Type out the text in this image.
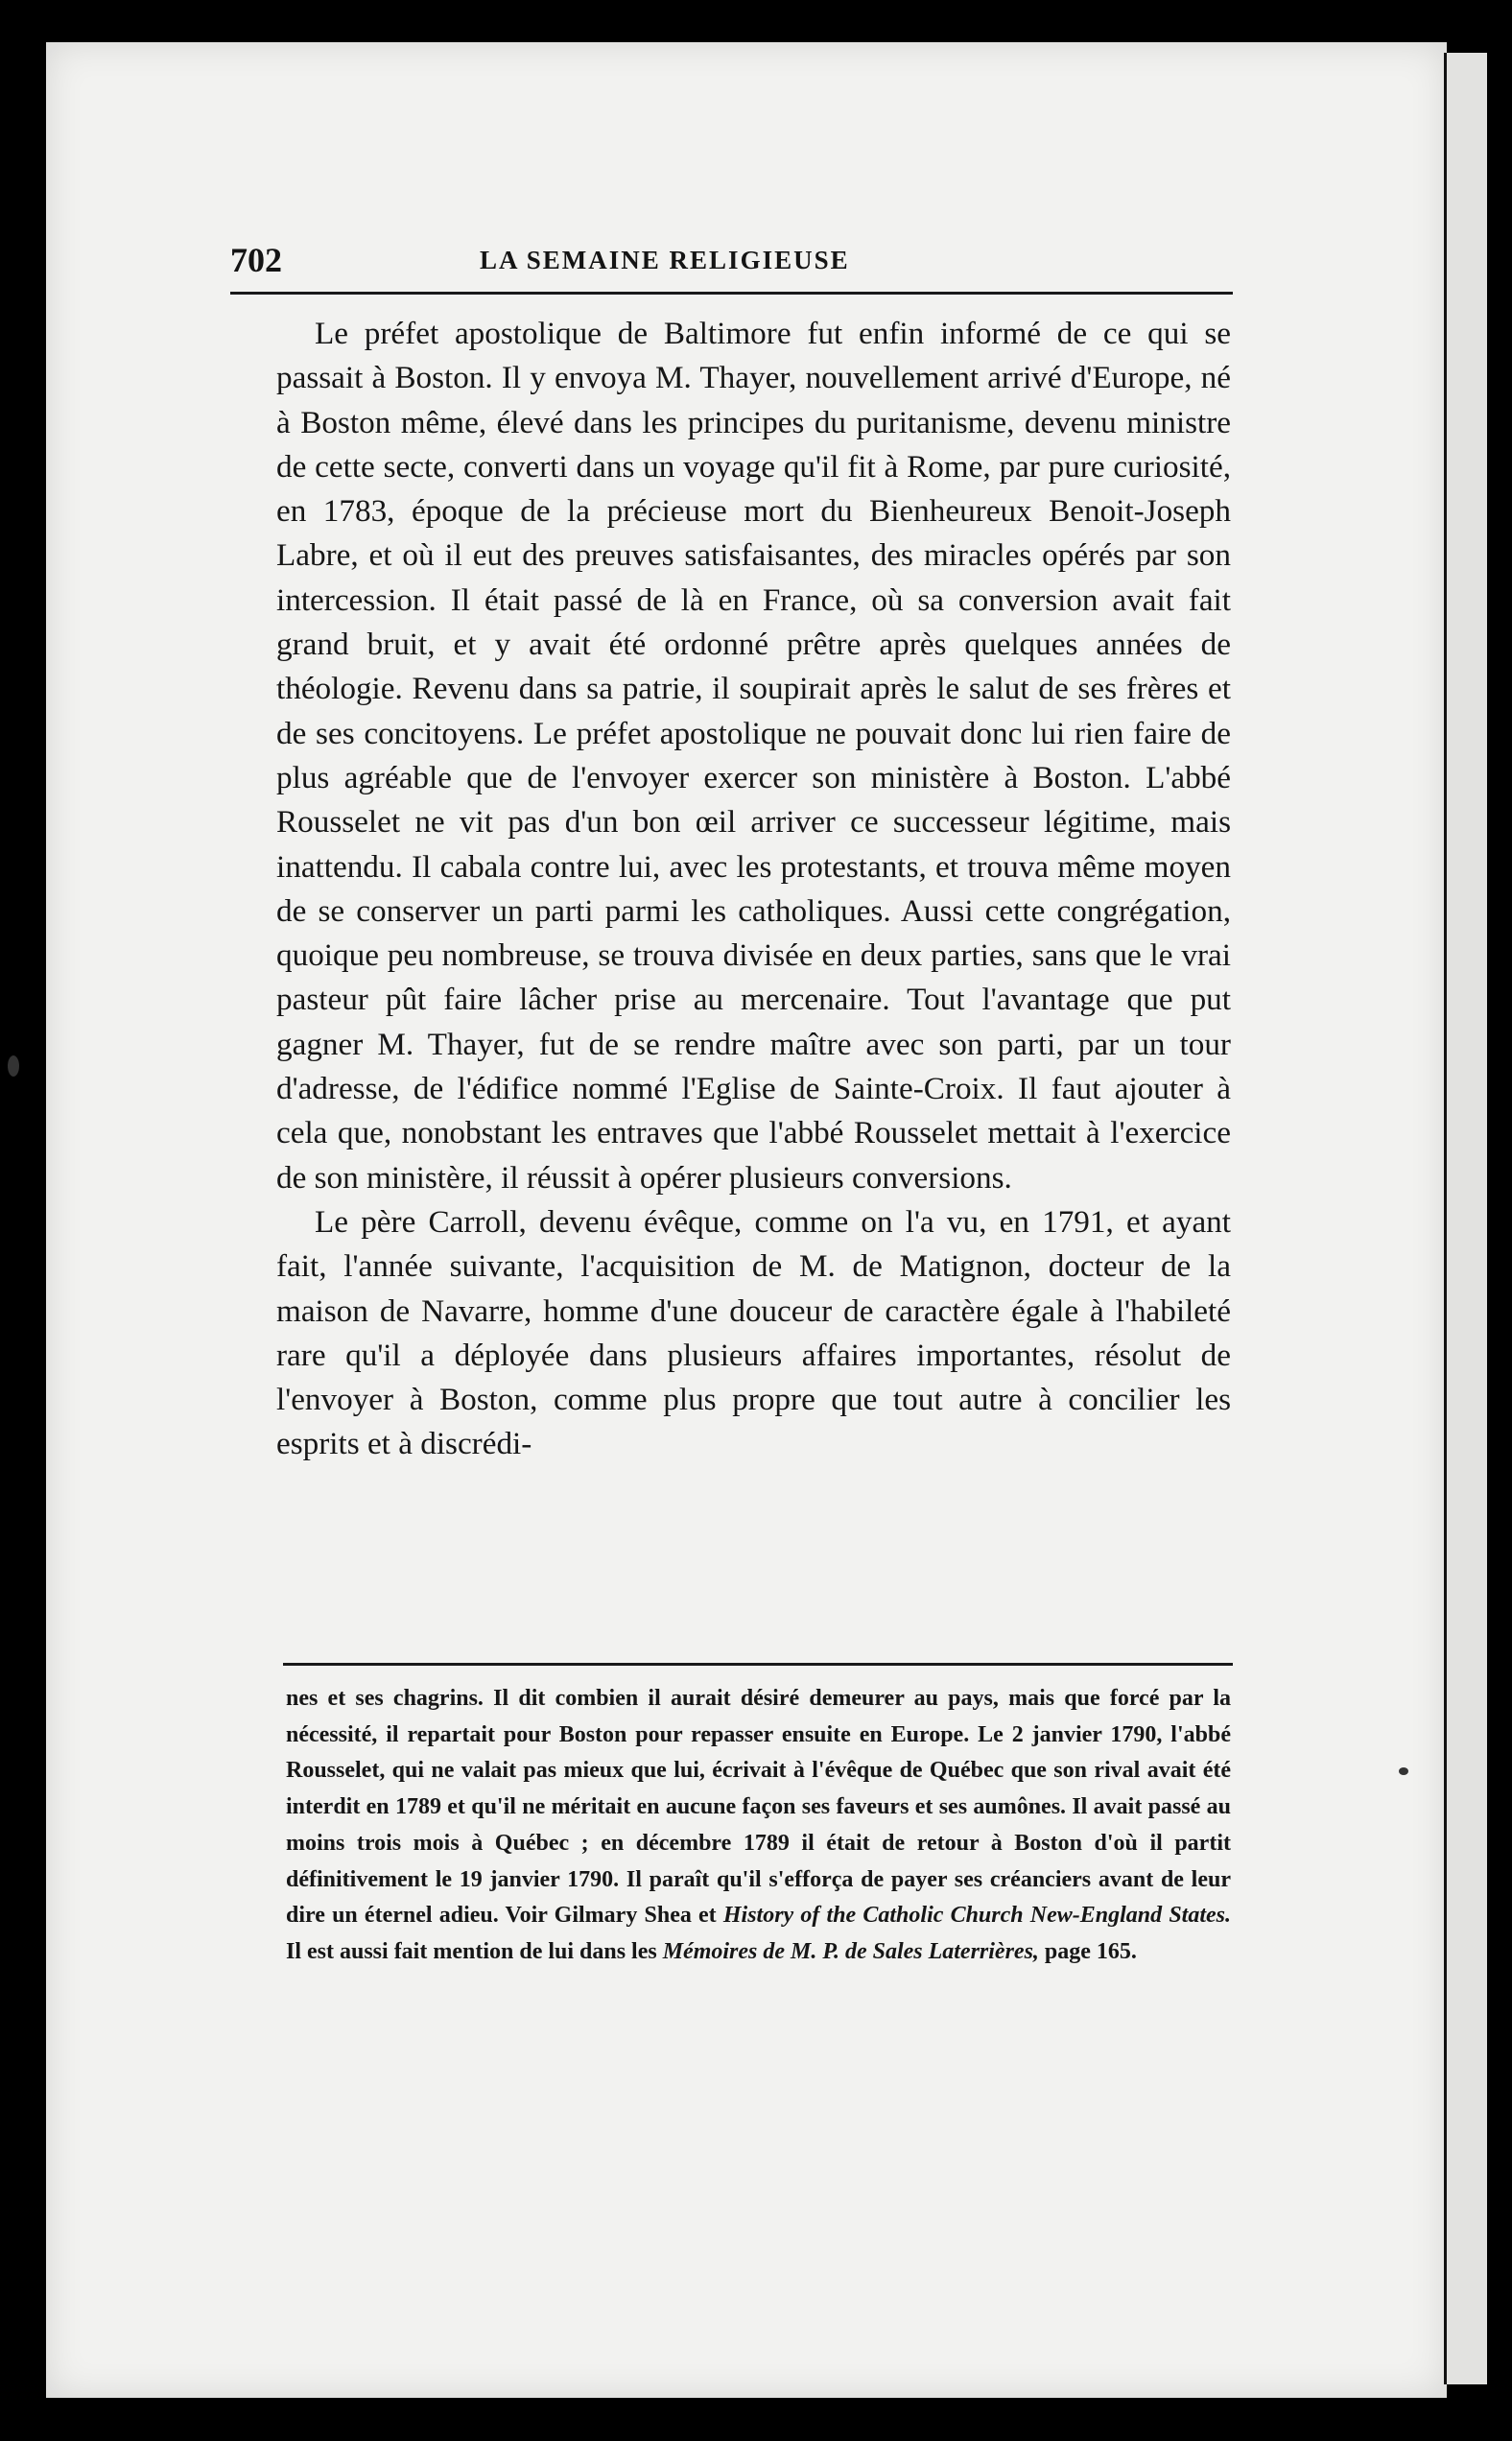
702	LA SEMAINE RELIGIEUSE

Le préfet apostolique de Baltimore fut enfin informé de ce qui se passait à Boston. Il y envoya M. Thayer, nouvellement arrivé d'Europe, né à Boston même, élevé dans les principes du puritanisme, devenu ministre de cette secte, converti dans un voyage qu'il fit à Rome, par pure curiosité, en 1783, époque de la précieuse mort du Bienheureux Benoit-Joseph Labre, et où il eut des preuves satisfaisantes, des miracles opérés par son intercession. Il était passé de là en France, où sa conversion avait fait grand bruit, et y avait été ordonné prêtre après quelques années de théologie. Revenu dans sa patrie, il soupirait après le salut de ses frères et de ses concitoyens. Le préfet apostolique ne pouvait donc lui rien faire de plus agréable que de l'envoyer exercer son ministère à Boston. L'abbé Rousselet ne vit pas d'un bon œil arriver ce successeur légitime, mais inattendu. Il cabala contre lui, avec les protestants, et trouva même moyen de se conserver un parti parmi les catholiques. Aussi cette congrégation, quoique peu nombreuse, se trouva divisée en deux parties, sans que le vrai pasteur pût faire lâcher prise au mercenaire. Tout l'avantage que put gagner M. Thayer, fut de se rendre maître avec son parti, par un tour d'adresse, de l'édifice nommé l'Eglise de Sainte-Croix. Il faut ajouter à cela que, nonobstant les entraves que l'abbé Rousselet mettait à l'exercice de son ministère, il réussit à opérer plusieurs conversions.

Le père Carroll, devenu évêque, comme on l'a vu, en 1791, et ayant fait, l'année suivante, l'acquisition de M. de Matignon, docteur de la maison de Navarre, homme d'une douceur de caractère égale à l'habileté rare qu'il a déployée dans plusieurs affaires importantes, résolut de l'envoyer à Boston, comme plus propre que tout autre à concilier les esprits et à discrédi-

nes et ses chagrins. Il dit combien il aurait désiré demeurer au pays, mais que forcé par la nécessité, il repartait pour Boston pour repasser ensuite en Europe. Le 2 janvier 1790, l'abbé Rousselet, qui ne valait pas mieux que lui, écrivait à l'évêque de Québec que son rival avait été interdit en 1789 et qu'il ne méritait en aucune façon ses faveurs et ses aumônes. Il avait passé au moins trois mois à Québec ; en décembre 1789 il était de retour à Boston d'où il partit définitivement le 19 janvier 1790. Il paraît qu'il s'efforça de payer ses créanciers avant de leur dire un éternel adieu. Voir Gilmary Shea et History of the Catholic Church New-England States. Il est aussi fait mention de lui dans les Mémoires de M. P. de Sales Laterrières, page 165.
